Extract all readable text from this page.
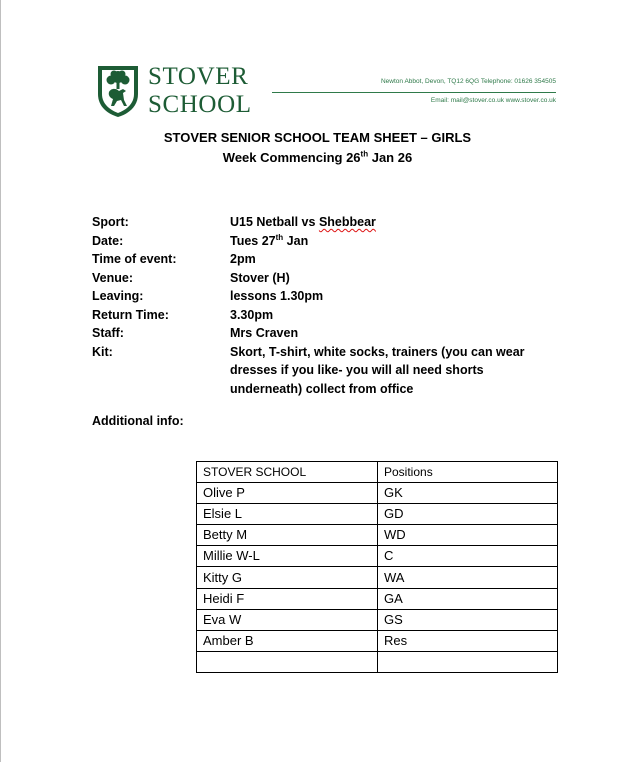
STOVER
SCHOOL
Newton Abbot, Devon, TQ12 6QG Telephone: 01626 354505
Email: mail@stover.co.uk www.stover.co.uk
STOVER SENIOR SCHOOL TEAM SHEET – GIRLS
Week Commencing 26th Jan 26
Sport:	U15 Netball vs Shebbear
Date:	Tues 27th Jan
Time of event:	2pm
Venue:	Stover (H)
Leaving:	lessons 1.30pm
Return Time:	3.30pm
Staff:	Mrs Craven
Kit:	Skort, T-shirt, white socks, trainers (you can wear dresses if you like- you will all need shorts underneath) collect from office
Additional info:
STOVER SCHOOL	Positions
Olive P	GK
Elsie L	GD
Betty M	WD
Millie W-L	C
Kitty G	WA
Heidi F	GA
Eva W	GS
Amber B	Res
